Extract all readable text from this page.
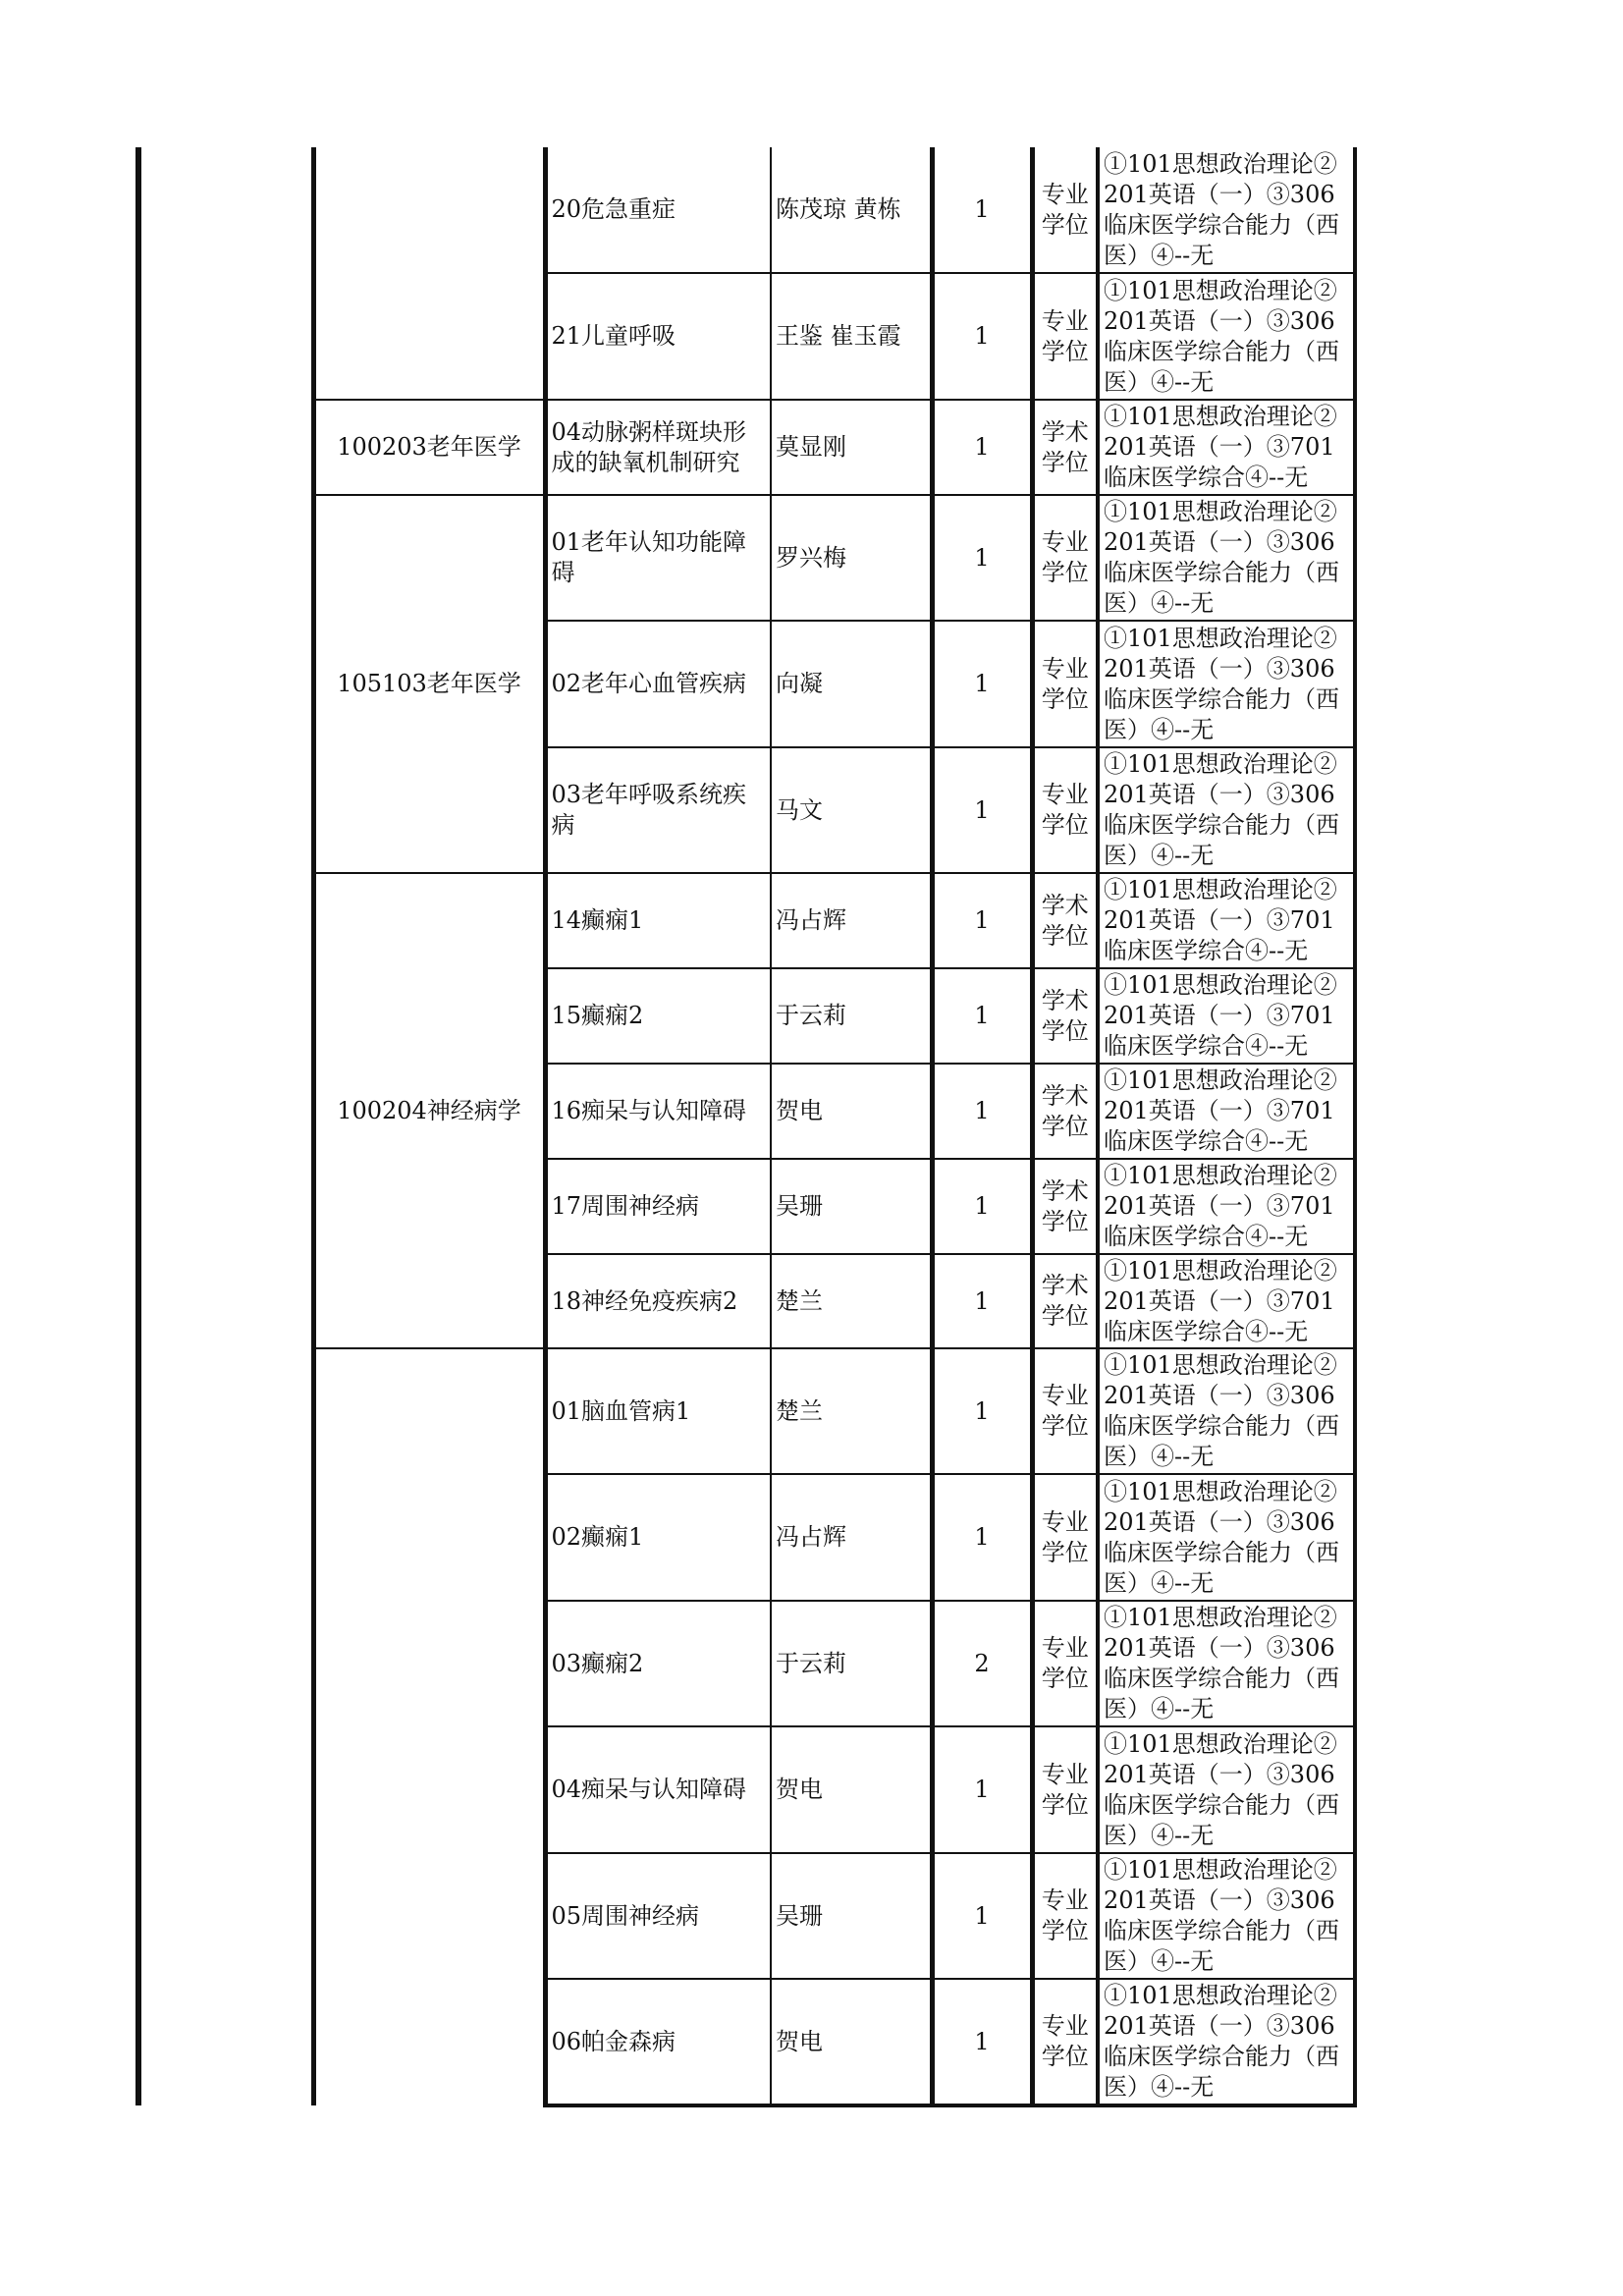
		20危急重症	陈茂琼 黄栋	1	专业学位	①101思想政治理论②201英语（一）③306临床医学综合能力（西医）④--无
		21儿童呼吸	王鉴 崔玉霞	1	专业学位	①101思想政治理论②201英语（一）③306临床医学综合能力（西医）④--无
	100203老年医学	04动脉粥样斑块形成的缺氧机制研究	莫显刚	1	学术学位	①101思想政治理论②201英语（一）③701临床医学综合④--无
	105103老年医学	01老年认知功能障碍	罗兴梅	1	专业学位	①101思想政治理论②201英语（一）③306临床医学综合能力（西医）④--无
		02老年心血管疾病	向凝	1	专业学位	①101思想政治理论②201英语（一）③306临床医学综合能力（西医）④--无
		03老年呼吸系统疾病	马文	1	专业学位	①101思想政治理论②201英语（一）③306临床医学综合能力（西医）④--无
	100204神经病学	14癫痫1	冯占辉	1	学术学位	①101思想政治理论②201英语（一）③701临床医学综合④--无
		15癫痫2	于云莉	1	学术学位	①101思想政治理论②201英语（一）③701临床医学综合④--无
		16痴呆与认知障碍	贺电	1	学术学位	①101思想政治理论②201英语（一）③701临床医学综合④--无
		17周围神经病	吴珊	1	学术学位	①101思想政治理论②201英语（一）③701临床医学综合④--无
		18神经免疫疾病2	楚兰	1	学术学位	①101思想政治理论②201英语（一）③701临床医学综合④--无
		01脑血管病1	楚兰	1	专业学位	①101思想政治理论②201英语（一）③306临床医学综合能力（西医）④--无
		02癫痫1	冯占辉	1	专业学位	①101思想政治理论②201英语（一）③306临床医学综合能力（西医）④--无
		03癫痫2	于云莉	2	专业学位	①101思想政治理论②201英语（一）③306临床医学综合能力（西医）④--无
		04痴呆与认知障碍	贺电	1	专业学位	①101思想政治理论②201英语（一）③306临床医学综合能力（西医）④--无
		05周围神经病	吴珊	1	专业学位	①101思想政治理论②201英语（一）③306临床医学综合能力（西医）④--无
		06帕金森病	贺电	1	专业学位	①101思想政治理论②201英语（一）③306临床医学综合能力（西医）④--无
